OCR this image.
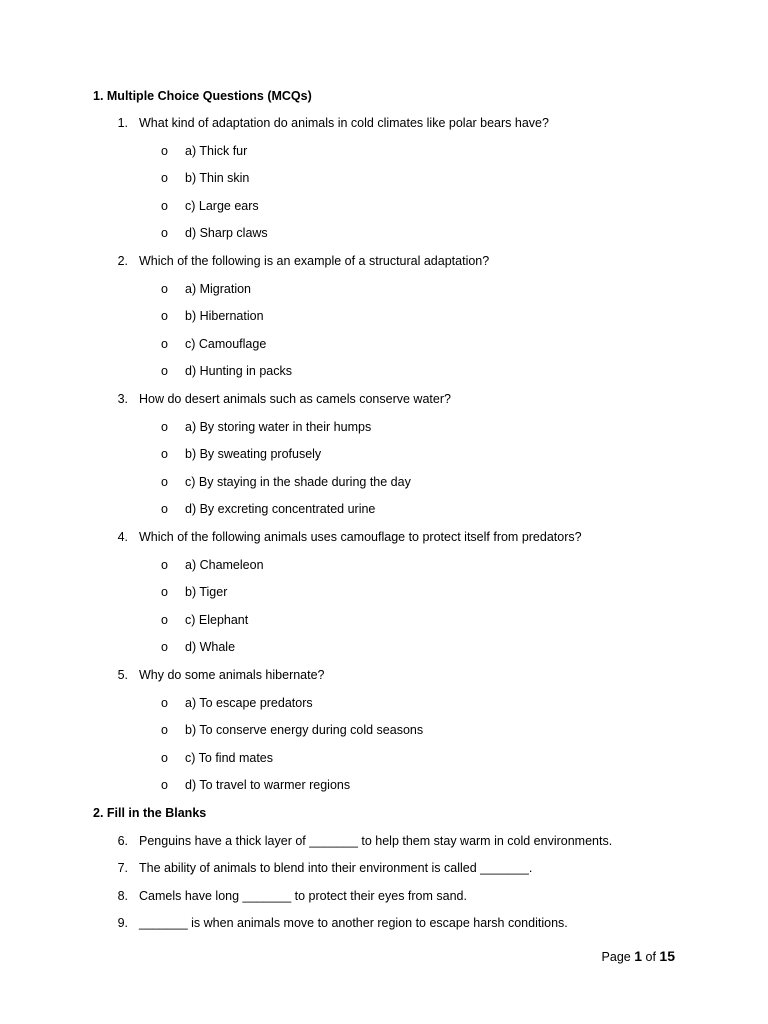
1. Multiple Choice Questions (MCQs)
2. Fill in the Blanks
1. What kind of adaptation do animals in cold climates like polar bears have?
o a) Thick fur
o b) Thin skin
o c) Large ears
o d) Sharp claws
2. Which of the following is an example of a structural adaptation?
o a) Migration
o b) Hibernation
o c) Camouflage
o d) Hunting in packs
3. How do desert animals such as camels conserve water?
o a) By storing water in their humps
o b) By sweating profusely
o c) By staying in the shade during the day
o d) By excreting concentrated urine
4. Which of the following animals uses camouflage to protect itself from predators?
o a) Chameleon
o b) Tiger
o c) Elephant
o d) Whale
5. Why do some animals hibernate?
o a) To escape predators
o b) To conserve energy during cold seasons
o c) To find mates
o d) To travel to warmer regions
6. Penguins have a thick layer of _______ to help them stay warm in cold environments.
7. The ability of animals to blend into their environment is called _______.
8. Camels have long _______ to protect their eyes from sand.
9. _______ is when animals move to another region to escape harsh conditions.
Page 1 of 15
